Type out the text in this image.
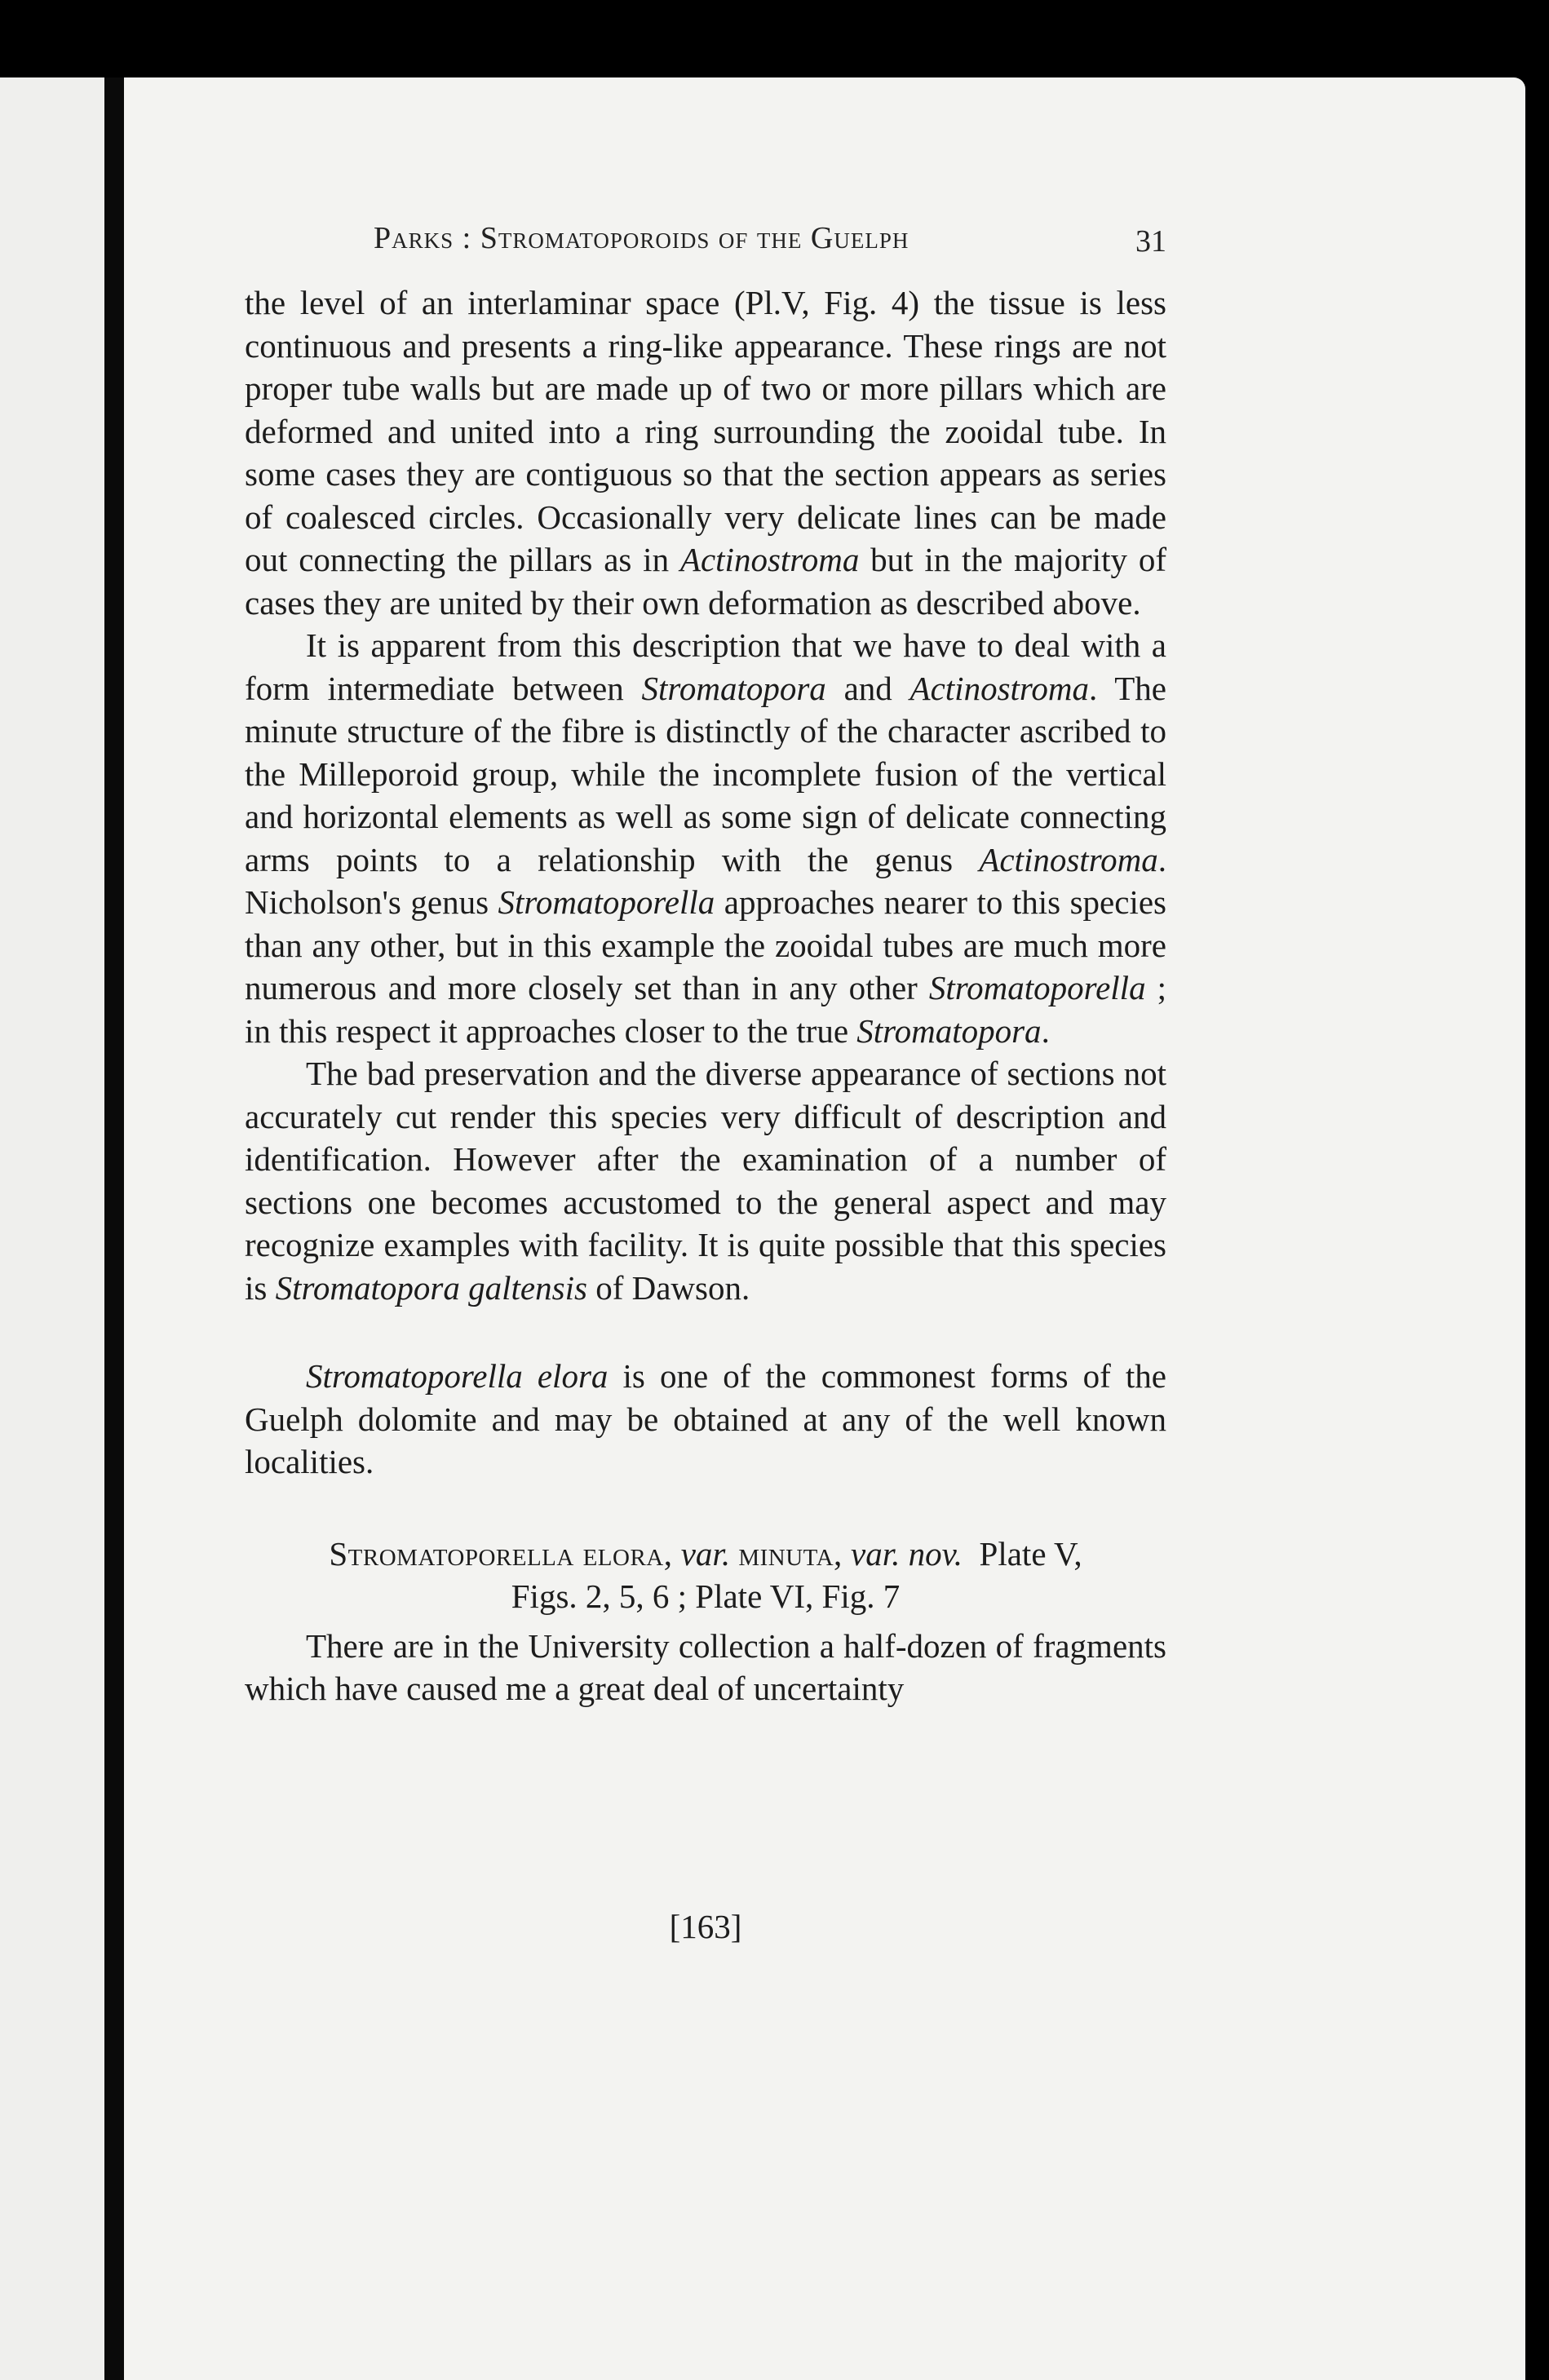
Parks : Stromatoporoids of the Guelph	31

the level of an interlaminar space (Pl.V, Fig. 4) the tissue is less continuous and presents a ring-like appearance. These rings are not proper tube walls but are made up of two or more pillars which are deformed and united into a ring surrounding the zooidal tube. In some cases they are contiguous so that the section appears as series of coalesced circles. Occasionally very delicate lines can be made out connecting the pillars as in Actinostroma but in the majority of cases they are united by their own deformation as described above.

It is apparent from this description that we have to deal with a form intermediate between Stromatopora and Actinostroma. The minute structure of the fibre is distinctly of the character ascribed to the Milleporoid group, while the incomplete fusion of the vertical and horizontal elements as well as some sign of delicate connecting arms points to a relationship with the genus Actinostroma. Nicholson's genus Stromatoporella approaches nearer to this species than any other, but in this example the zooidal tubes are much more numerous and more closely set than in any other Stromatoporella ; in this respect it approaches closer to the true Stromatopora.

The bad preservation and the diverse appearance of sections not accurately cut render this species very difficult of description and identification. However after the examination of a number of sections one becomes accustomed to the general aspect and may recognize examples with facility. It is quite possible that this species is Stromatopora galtensis of Dawson.

Stromatoporella elora is one of the commonest forms of the Guelph dolomite and may be obtained at any of the well known localities.

Stromatoporella elora, var. minuta, var. nov. Plate V,
Figs. 2, 5, 6 ; Plate VI, Fig. 7

There are in the University collection a half-dozen of fragments which have caused me a great deal of uncertainty

[163]
